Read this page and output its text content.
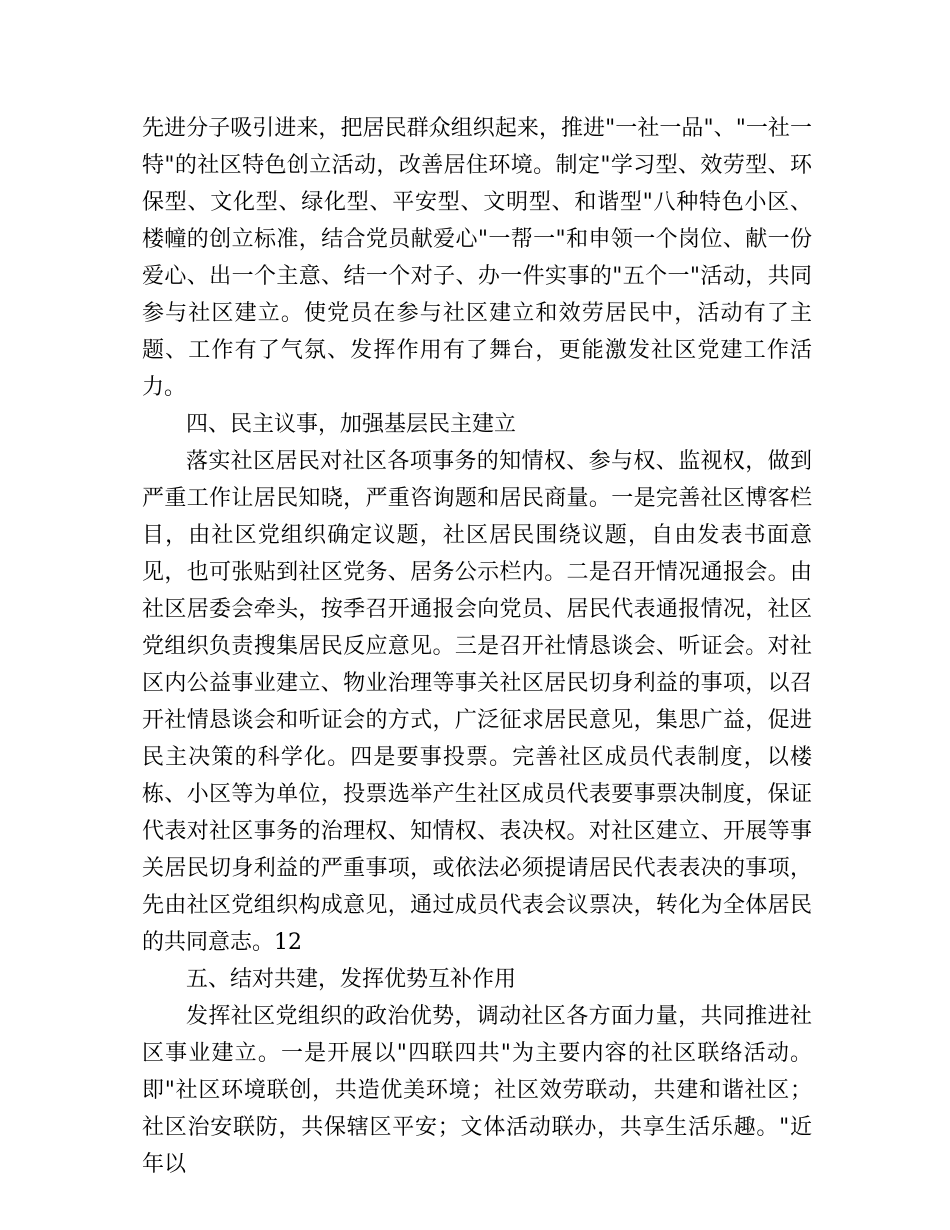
先进分子吸引进来，把居民群众组织起来，推进"一社一品"、"一社一特"的社区特色创立活动，改善居住环境。制定"学习型、效劳型、环保型、文化型、绿化型、平安型、文明型、和谐型"八种特色小区、楼幢的创立标准，结合党员献爱心"一帮一"和申领一个岗位、献一份爱心、出一个主意、结一个对子、办一件实事的"五个一"活动，共同参与社区建立。使党员在参与社区建立和效劳居民中，活动有了主题、工作有了气氛、发挥作用有了舞台，更能激发社区党建工作活力。

四、民主议事，加强基层民主建立

落实社区居民对社区各项事务的知情权、参与权、监视权，做到严重工作让居民知晓，严重咨询题和居民商量。一是完善社区博客栏目，由社区党组织确定议题，社区居民围绕议题，自由发表书面意见，也可张贴到社区党务、居务公示栏内。二是召开情况通报会。由社区居委会牵头，按季召开通报会向党员、居民代表通报情况，社区党组织负责搜集居民反应意见。三是召开社情恳谈会、听证会。对社区内公益事业建立、物业治理等事关社区居民切身利益的事项，以召开社情恳谈会和听证会的方式，广泛征求居民意见，集思广益，促进民主决策的科学化。四是要事投票。完善社区成员代表制度，以楼栋、小区等为单位，投票选举产生社区成员代表要事票决制度，保证代表对社区事务的治理权、知情权、表决权。对社区建立、开展等事关居民切身利益的严重事项，或依法必须提请居民代表表决的事项，先由社区党组织构成意见，通过成员代表会议票决，转化为全体居民的共同意志。12

五、结对共建，发挥优势互补作用

发挥社区党组织的政治优势，调动社区各方面力量，共同推进社区事业建立。一是开展以"四联四共"为主要内容的社区联络活动。即"社区环境联创，共造优美环境；社区效劳联动，共建和谐社区；社区治安联防，共保辖区平安；文体活动联办，共享生活乐趣。"近年以
